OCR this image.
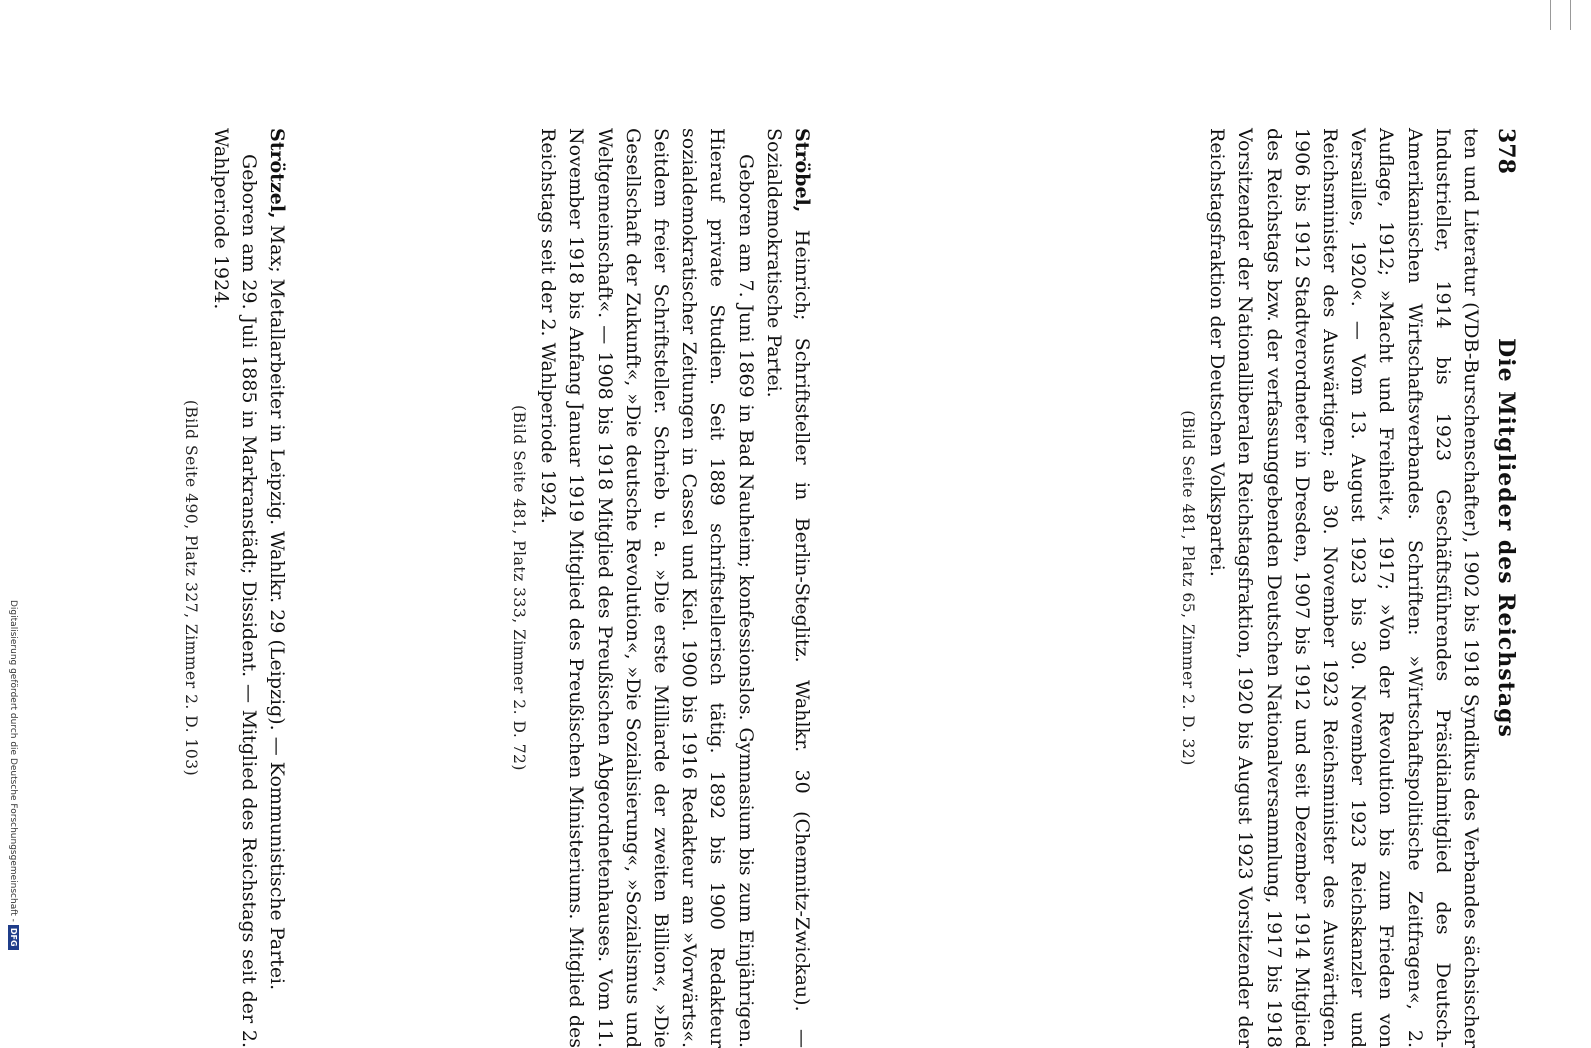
378
Die Mitglieder des Reichstags

ten und Literatur (VDB-Burschenschafter), 1902 bis 1918 Syndikus des Verbandes sächsischer Industrieller, 1914 bis 1923 Geschäftsführendes Präsidialmitglied des Deutsch-Amerikanischen Wirtschaftsverbandes. Schriften: »Wirtschaftspolitische Zeitfragen«, 2. Auflage, 1912; »Macht und Freiheit«, 1917; »Von der Revolution bis zum Frieden von Versailles, 1920«. — Vom 13. August 1923 bis 30. November 1923 Reichskanzler und Reichsminister des Auswärtigen; ab 30. November 1923 Reichsminister des Auswärtigen. 1906 bis 1912 Stadtverordneter in Dresden, 1907 bis 1912 und seit Dezember 1914 Mitglied des Reichstags bzw. der verfassunggebenden Deutschen Nationalversammlung, 1917 bis 1918 Vorsitzender der Nationalliberalen Reichstagsfraktion, 1920 bis August 1923 Vorsitzender der Reichstagsfraktion der Deutschen Volkspartei.

(Bild Seite 481, Platz 65, Zimmer 2. D. 32)

Ströbel, Heinrich; Schriftsteller in Berlin-Steglitz. Wahlkr. 30 (Chemnitz-Zwickau). — Sozialdemokratische Partei.

Geboren am 7. Juni 1869 in Bad Nauheim; konfessionslos. Gymnasium bis zum Einjährigen. Hierauf private Studien. Seit 1889 schriftstellerisch tätig. 1892 bis 1900 Redakteur sozialdemokratischer Zeitungen in Cassel und Kiel. 1900 bis 1916 Redakteur am »Vorwärts«. Seitdem freier Schriftsteller. Schrieb u. a. »Die erste Milliarde der zweiten Billion«, »Die Gesellschaft der Zukunft«, »Die deutsche Revolution«, »Die Sozialisierung«, »Sozialismus und Weltgemeinschaft«. — 1908 bis 1918 Mitglied des Preußischen Abgeordnetenhauses. Vom 11. November 1918 bis Anfang Januar 1919 Mitglied des Preußischen Ministeriums. Mitglied des Reichstags seit der 2. Wahlperiode 1924.

(Bild Seite 481, Platz 333, Zimmer 2. D. 72)

Strötzel, Max; Metallarbeiter in Leipzig. Wahlkr. 29 (Leipzig). — Kommunistische Partei.

Geboren am 29. Juli 1885 in Markranstädt; Dissident. — Mitglied des Reichstags seit der 2. Wahlperiode 1924.

(Bild Seite 490, Platz 327, Zimmer 2. D. 103)

Digitalisierung gefördert durch die Deutsche Forschungsgemeinschaft -DFG
